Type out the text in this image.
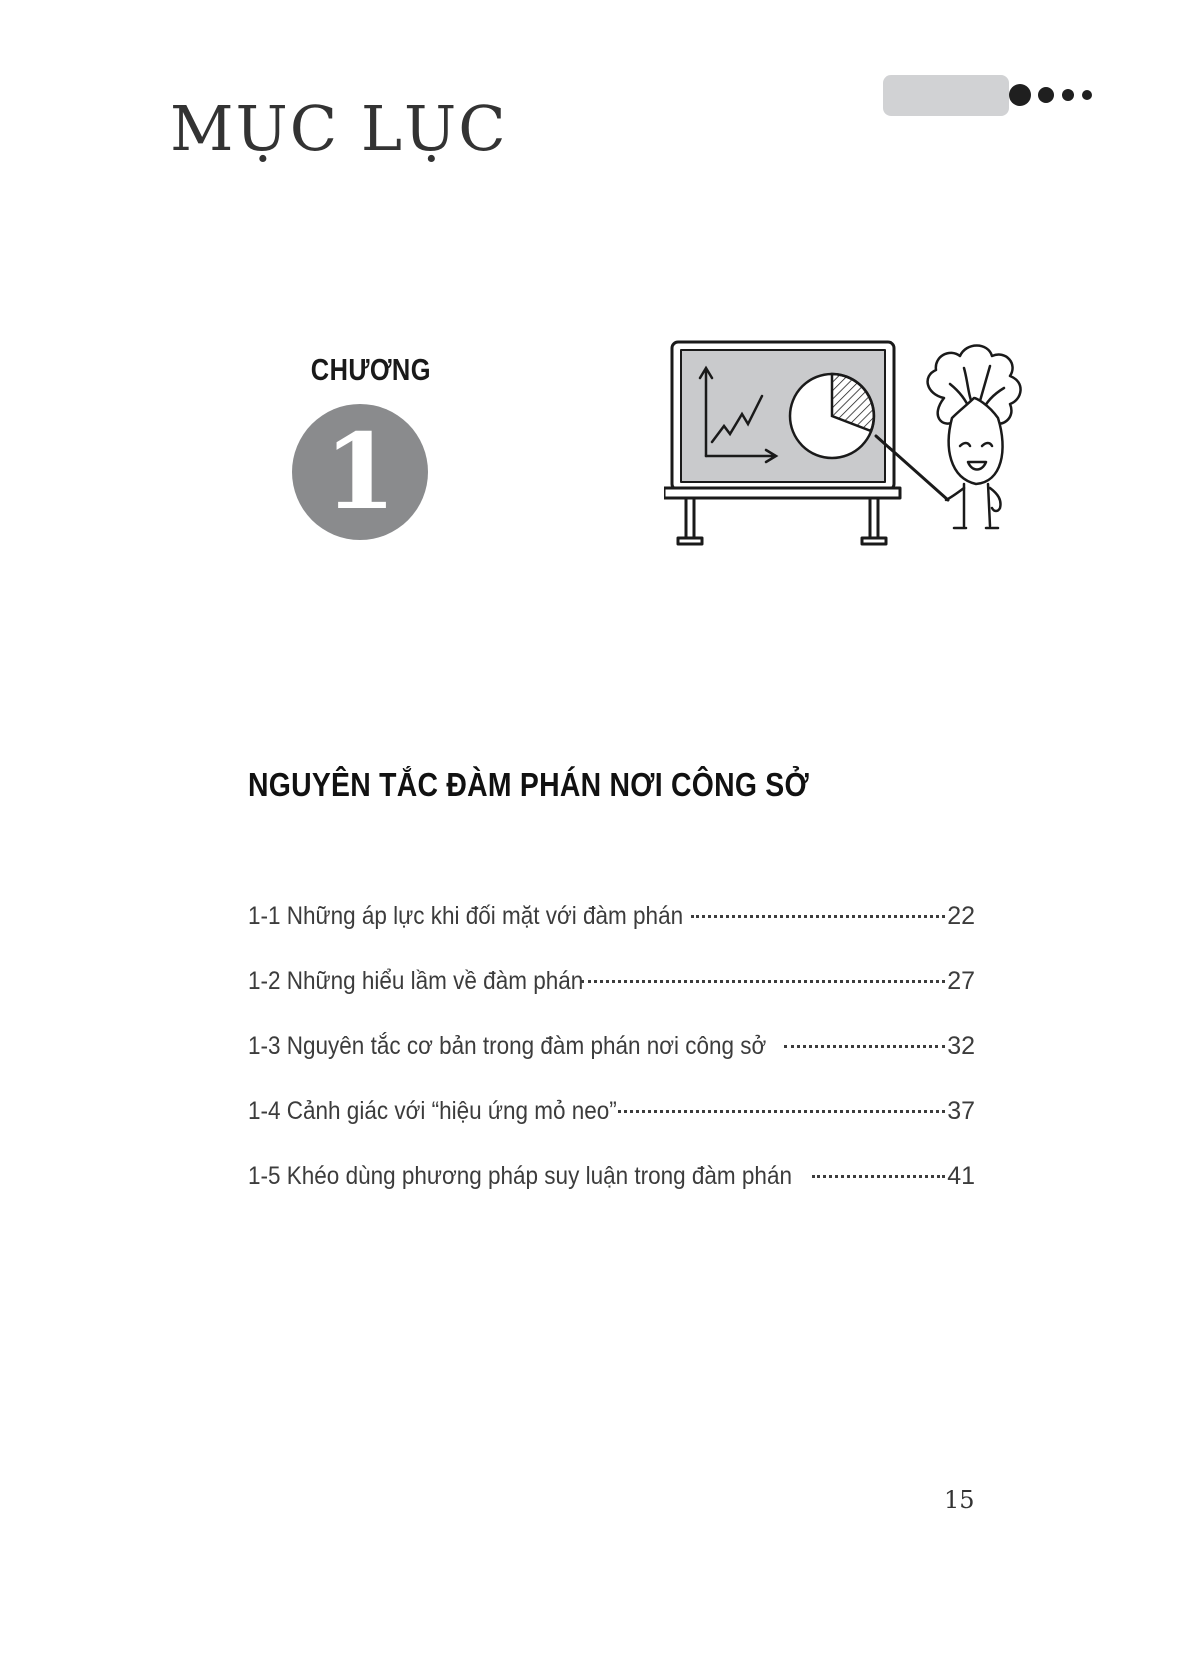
MỤC LỤC
CHƯƠNG
1
NGUYÊN TẮC ĐÀM PHÁN NƠI CÔNG SỞ
1-1 Những áp lực khi đối mặt với đàm phán	22
1-2 Những hiểu lầm về đàm phán	27
1-3 Nguyên tắc cơ bản trong đàm phán nơi công sở	32
1-4 Cảnh giác với “hiệu ứng mỏ neo”	37
1-5 Khéo dùng phương pháp suy luận trong đàm phán	41
15
